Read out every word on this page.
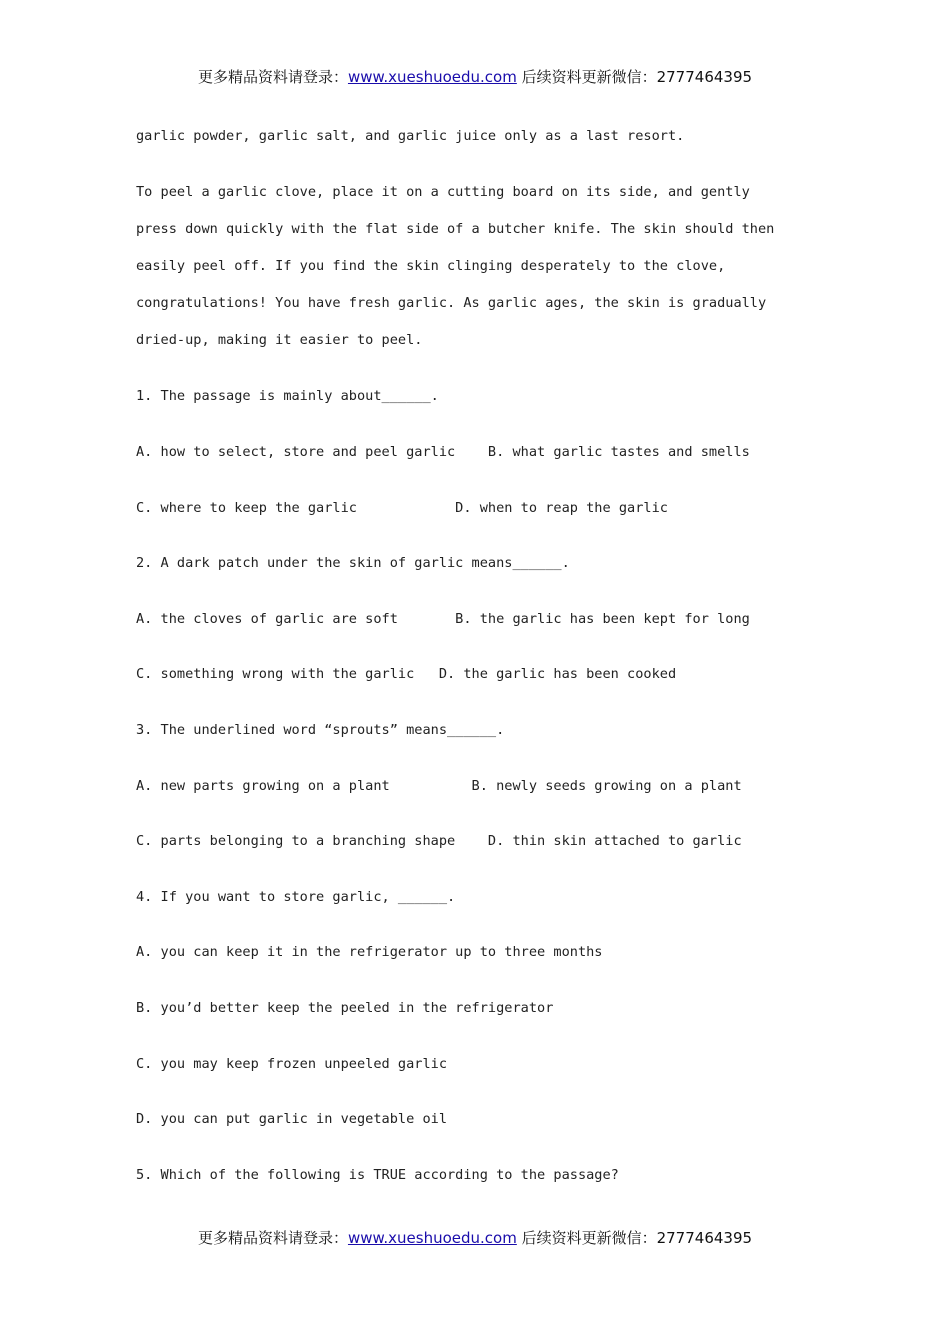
更多精品资料请登录：www.xueshuoedu.com 后续资料更新微信：2777464395
garlic powder, garlic salt, and garlic juice only as a last resort.
To peel a garlic clove, place it on a cutting board on its side, and gently
press down quickly with the flat side of a butcher knife. The skin should then
easily peel off. If you find the skin clinging desperately to the clove,
congratulations! You have fresh garlic. As garlic ages, the skin is gradually
dried-up, making it easier to peel.
1. The passage is mainly about______.
A. how to select, store and peel garlic    B. what garlic tastes and smells
C. where to keep the garlic            D. when to reap the garlic
2. A dark patch under the skin of garlic means______.
A. the cloves of garlic are soft       B. the garlic has been kept for long
C. something wrong with the garlic   D. the garlic has been cooked
3. The underlined word “sprouts” means______.
A. new parts growing on a plant          B. newly seeds growing on a plant
C. parts belonging to a branching shape    D. thin skin attached to garlic
4. If you want to store garlic, ______.
A. you can keep it in the refrigerator up to three months
B. you’d better keep the peeled in the refrigerator
C. you may keep frozen unpeeled garlic
D. you can put garlic in vegetable oil
5. Which of the following is TRUE according to the passage?
更多精品资料请登录：www.xueshuoedu.com 后续资料更新微信：2777464395
